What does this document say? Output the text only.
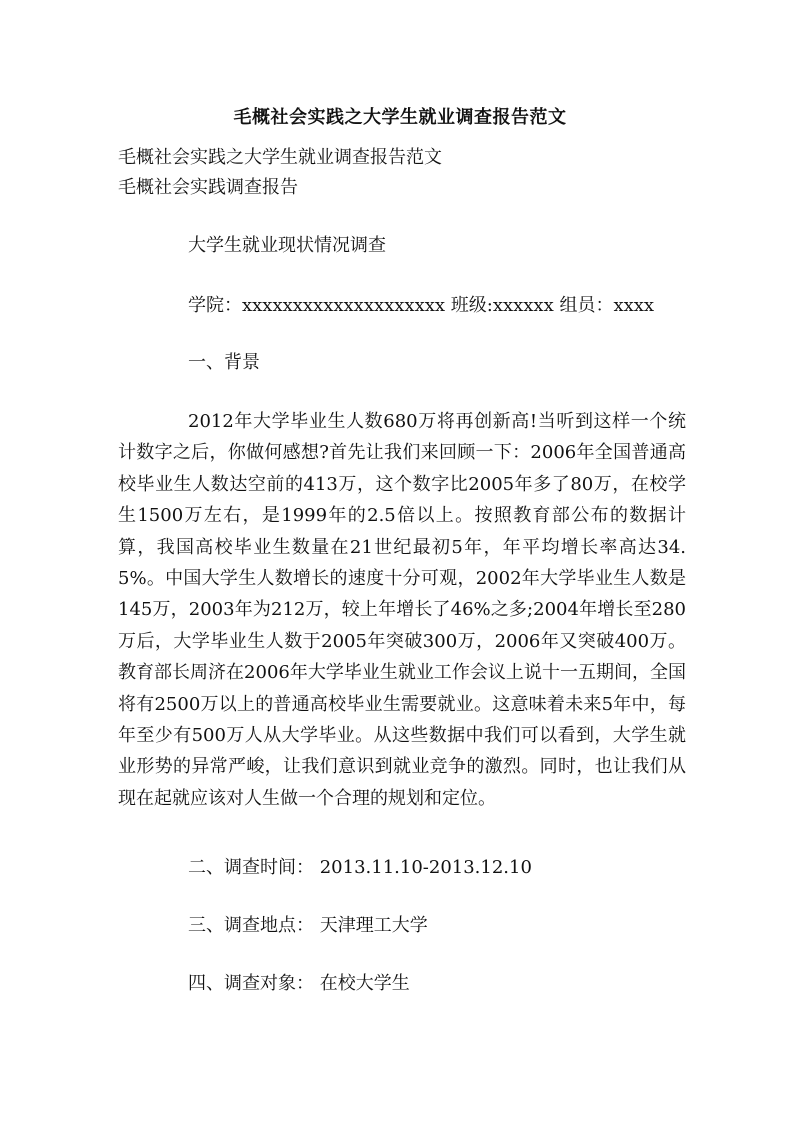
毛概社会实践之大学生就业调查报告范文
毛概社会实践之大学生就业调查报告范文
毛概社会实践调查报告
大学生就业现状情况调查
学院：xxxxxxxxxxxxxxxxxxxx 班级:xxxxxx 组员：xxxx
一、背景
2012年大学毕业生人数680万将再创新高!当听到这样一个统计数字之后，你做何感想?首先让我们来回顾一下：2006年全国普通高校毕业生人数达空前的413万，这个数字比2005年多了80万，在校学生1500万左右，是1999年的2.5倍以上。按照教育部公布的数据计算，我国高校毕业生数量在21世纪最初5年，年平均增长率高达34.5%。中国大学生人数增长的速度十分可观，2002年大学毕业生人数是145万，2003年为212万，较上年增长了46%之多;2004年增长至280万后，大学毕业生人数于2005年突破300万，2006年又突破400万。教育部长周济在2006年大学毕业生就业工作会议上说十一五期间，全国将有2500万以上的普通高校毕业生需要就业。这意味着未来5年中，每年至少有500万人从大学毕业。从这些数据中我们可以看到，大学生就业形势的异常严峻，让我们意识到就业竞争的激烈。同时，也让我们从现在起就应该对人生做一个合理的规划和定位。
二、调查时间： 2013.11.10-2013.12.10
三、调查地点： 天津理工大学
四、调查对象： 在校大学生
